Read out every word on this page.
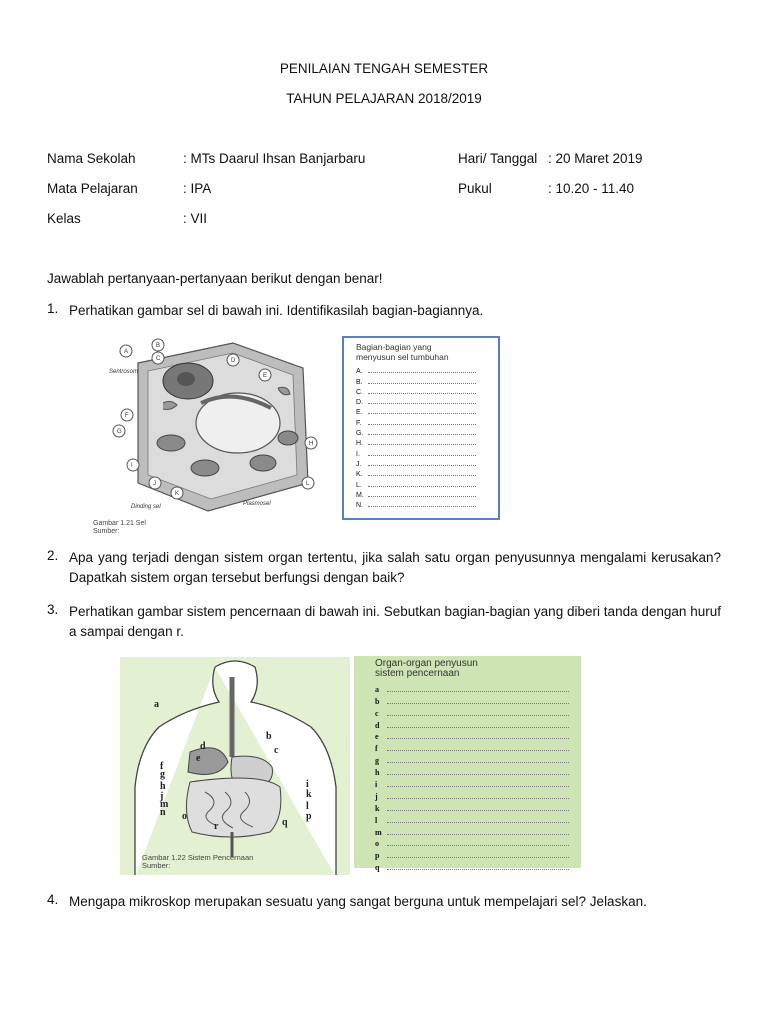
PENILAIAN TENGAH SEMESTER
TAHUN PELAJARAN 2018/2019
Nama Sekolah	: MTs Daarul Ihsan Banjarbaru	Hari/ Tanggal : 20 Maret 2019
Mata Pelajaran	: IPA	Pukul	: 10.20 - 11.40
Kelas	: VII
Jawablah pertanyaan-pertanyaan berikut dengan benar!
1. Perhatikan gambar sel di bawah ini. Identifikasilah bagian-bagiannya.
A
B
C	D
E
F
G
H
I
J
K
L
Sentrosom
Dinding sel	Plasmosel
Gambar 1.21 Sel
Sumber:
Bagian-bagian yang
menyusun sel tumbuhan
A.
B.
C.
D.
E.
F.
G.
H.
I.
J.
K.
L.
M.
N.
2. Apa yang terjadi dengan sistem organ tertentu, jika salah satu organ penyusunnya mengalami kerusakan? Dapatkah sistem organ tersebut berfungsi dengan baik?
3. Perhatikan gambar sistem pencernaan di bawah ini. Sebutkan bagian-bagian yang diberi tanda dengan huruf a sampai dengan r.
a
b
c
d
e
f
g
h	i
j	k
l
m
n o	p
q
r
Gambar 1.22 Sistem Pencernaan
Sumber:
Organ-organ penyusun
sistem pencernaan
a
b
c
d
e
f
g
h
i
j
k
l
m
o
p
q
4. Mengapa mikroskop merupakan sesuatu yang sangat berguna untuk mempelajari sel? Jelaskan.
